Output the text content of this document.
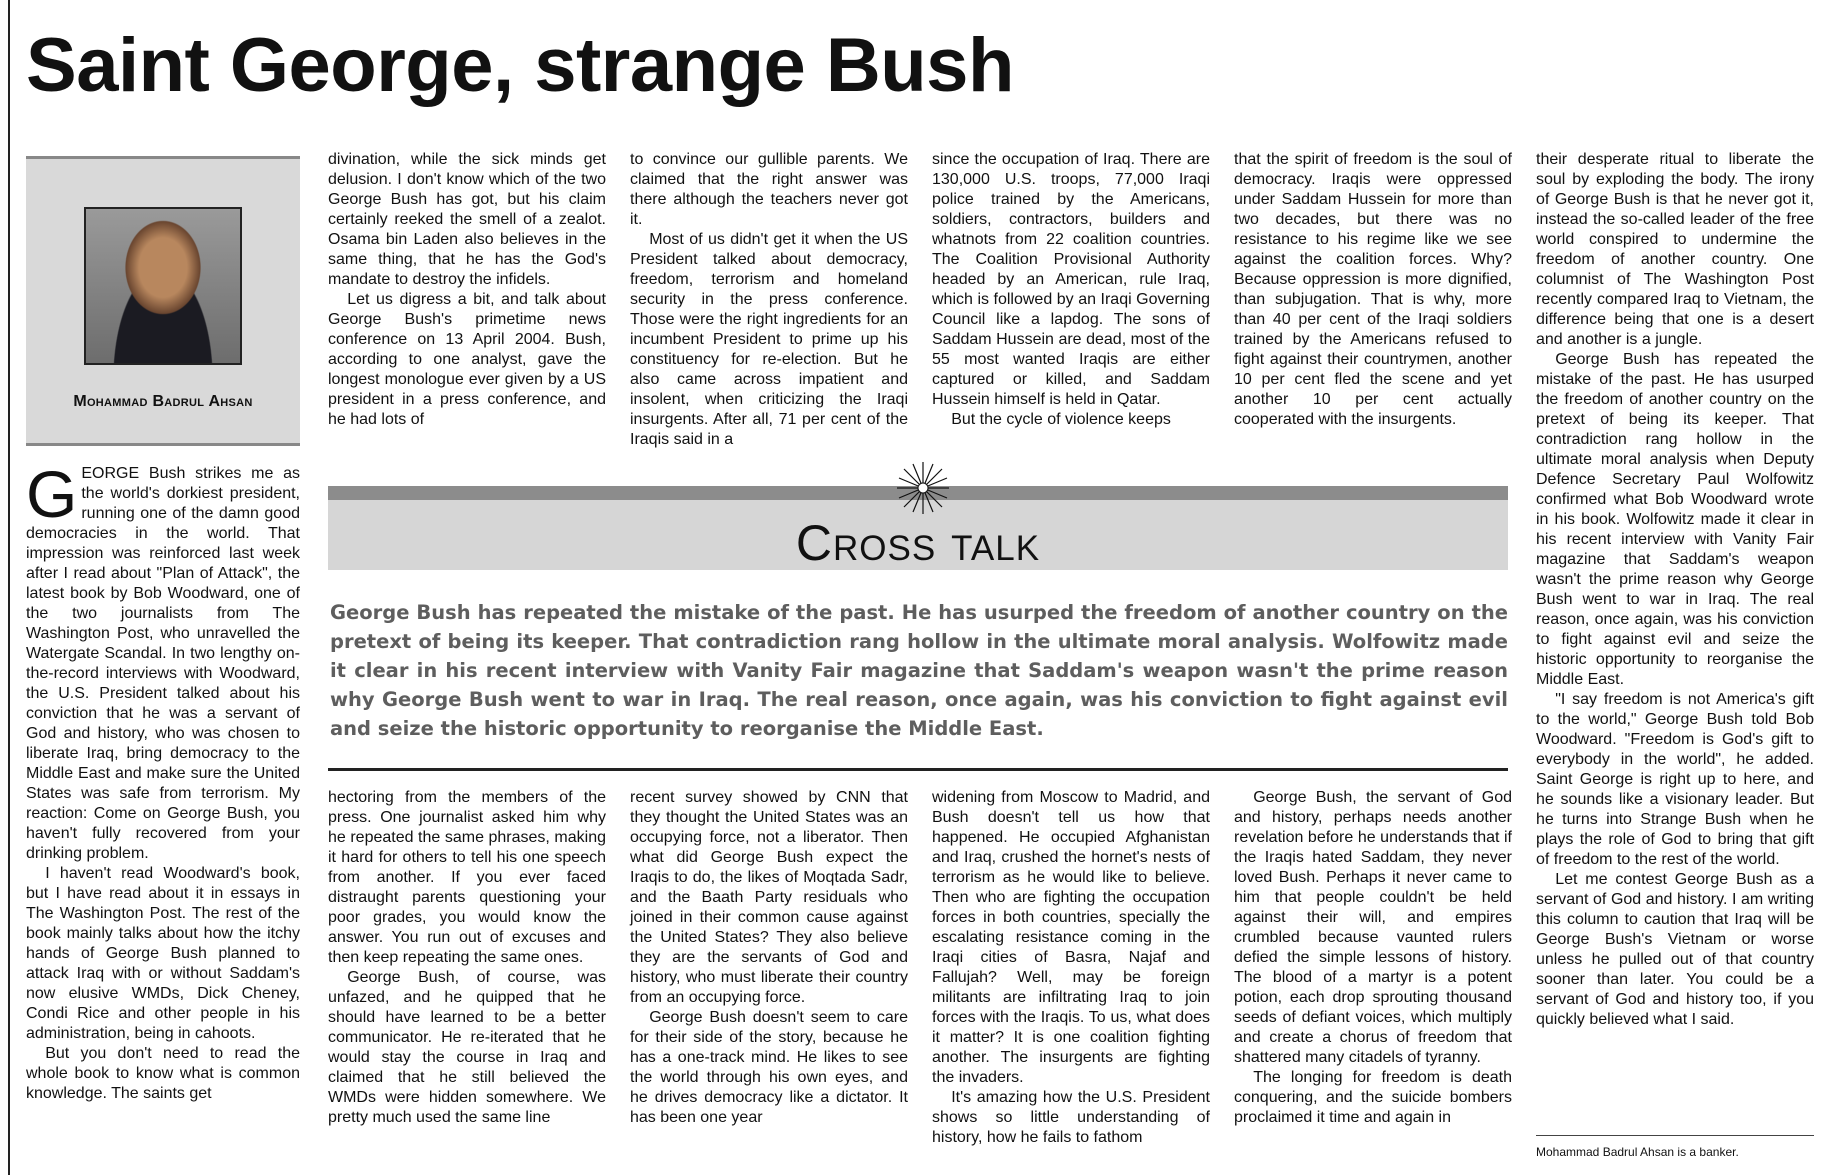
Saint George, strange Bush
Mohammad Badrul Ahsan

GEORGE Bush strikes me as the world's dorkiest president, running one of the damn good democracies in the world. That impression was reinforced last week after I read about "Plan of Attack", the latest book by Bob Woodward, one of the two journalists from The Washington Post, who unravelled the Watergate Scandal. In two lengthy on-the-record interviews with Woodward, the U.S. President talked about his conviction that he was a servant of God and history, who was chosen to liberate Iraq, bring democracy to the Middle East and make sure the United States was safe from terrorism. My reaction: Come on George Bush, you haven't fully recovered from your drinking problem.

I haven't read Woodward's book, but I have read about it in essays in The Washington Post. The rest of the book mainly talks about how the itchy hands of George Bush planned to attack Iraq with or without Saddam's now elusive WMDs, Dick Cheney, Condi Rice and other people in his administration, being in cahoots.

But you don't need to read the whole book to know what is common knowledge. The saints get

divination, while the sick minds get delusion. I don't know which of the two George Bush has got, but his claim certainly reeked the smell of a zealot. Osama bin Laden also believes in the same thing, that he has the God's mandate to destroy the infidels.

Let us digress a bit, and talk about George Bush's primetime news conference on 13 April 2004. Bush, according to one analyst, gave the longest monologue ever given by a US president in a press conference, and he had lots of

to convince our gullible parents. We claimed that the right answer was there although the teachers never got it.

Most of us didn't get it when the US President talked about democracy, freedom, terrorism and homeland security in the press conference. Those were the right ingredients for an incumbent President to prime up his constituency for re-election. But he also came across impatient and insolent, when criticizing the Iraqi insurgents. After all, 71 per cent of the Iraqis said in a

since the occupation of Iraq. There are 130,000 U.S. troops, 77,000 Iraqi police trained by the Americans, soldiers, contractors, builders and whatnots from 22 coalition countries. The Coalition Provisional Authority headed by an American, rule Iraq, which is followed by an Iraqi Governing Council like a lapdog. The sons of Saddam Hussein are dead, most of the 55 most wanted Iraqis are either captured or killed, and Saddam Hussein himself is held in Qatar.

But the cycle of violence keeps

that the spirit of freedom is the soul of democracy. Iraqis were oppressed under Saddam Hussein for more than two decades, but there was no resistance to his regime like we see against the coalition forces. Why? Because oppression is more dignified, than subjugation. That is why, more than 40 per cent of the Iraqi soldiers trained by the Americans refused to fight against their countrymen, another 10 per cent fled the scene and yet another 10 per cent actually cooperated with the insurgents.

their desperate ritual to liberate the soul by exploding the body. The irony of George Bush is that he never got it, instead the so-called leader of the free world conspired to undermine the freedom of another country. One columnist of The Washington Post recently compared Iraq to Vietnam, the difference being that one is a desert and another is a jungle.

George Bush has repeated the mistake of the past. He has usurped the freedom of another country on the pretext of being its keeper. That contradiction rang hollow in the ultimate moral analysis when Deputy Defence Secretary Paul Wolfowitz confirmed what Bob Woodward wrote in his book. Wolfowitz made it clear in his recent interview with Vanity Fair magazine that Saddam's weapon wasn't the prime reason why George Bush went to war in Iraq. The real reason, once again, was his conviction to fight against evil and seize the historic opportunity to reorganise the Middle East.

"I say freedom is not America's gift to the world," George Bush told Bob Woodward. "Freedom is God's gift to everybody in the world", he added. Saint George is right up to here, and he sounds like a visionary leader. But he turns into Strange Bush when he plays the role of God to bring that gift of freedom to the rest of the world.

Let me contest George Bush as a servant of God and history. I am writing this column to caution that Iraq will be George Bush's Vietnam or worse unless he pulled out of that country sooner than later. You could be a servant of God and history too, if you quickly believed what I said.

Cross talk
George Bush has repeated the mistake of the past. He has usurped the freedom of another country on the pretext of being its keeper. That contradiction rang hollow in the ultimate moral analysis. Wolfowitz made it clear in his recent interview with Vanity Fair magazine that Saddam's weapon wasn't the prime reason why George Bush went to war in Iraq. The real reason, once again, was his conviction to fight against evil and seize the historic opportunity to reorganise the Middle East.

hectoring from the members of the press. One journalist asked him why he repeated the same phrases, making it hard for others to tell his one speech from another. If you ever faced distraught parents questioning your poor grades, you would know the answer. You run out of excuses and then keep repeating the same ones.

George Bush, of course, was unfazed, and he quipped that he should have learned to be a better communicator. He re-iterated that he would stay the course in Iraq and claimed that he still believed the WMDs were hidden somewhere. We pretty much used the same line

recent survey showed by CNN that they thought the United States was an occupying force, not a liberator. Then what did George Bush expect the Iraqis to do, the likes of Moqtada Sadr, and the Baath Party residuals who joined in their common cause against the United States? They also believe they are the servants of God and history, who must liberate their country from an occupying force.

George Bush doesn't seem to care for their side of the story, because he has a one-track mind. He likes to see the world through his own eyes, and he drives democracy like a dictator. It has been one year

widening from Moscow to Madrid, and Bush doesn't tell us how that happened. He occupied Afghanistan and Iraq, crushed the hornet's nests of terrorism as he would like to believe. Then who are fighting the occupation forces in both countries, specially the escalating resistance coming in the Iraqi cities of Basra, Najaf and Fallujah? Well, may be foreign militants are infiltrating Iraq to join forces with the Iraqis. To us, what does it matter? It is one coalition fighting another. The insurgents are fighting the invaders.

It's amazing how the U.S. President shows so little understanding of history, how he fails to fathom

George Bush, the servant of God and history, perhaps needs another revelation before he understands that if the Iraqis hated Saddam, they never loved Bush. Perhaps it never came to him that people couldn't be held against their will, and empires crumbled because vaunted rulers defied the simple lessons of history. The blood of a martyr is a potent potion, each drop sprouting thousand seeds of defiant voices, which multiply and create a chorus of freedom that shattered many citadels of tyranny.

The longing for freedom is death conquering, and the suicide bombers proclaimed it time and again in

Mohammad Badrul Ahsan is a banker.
